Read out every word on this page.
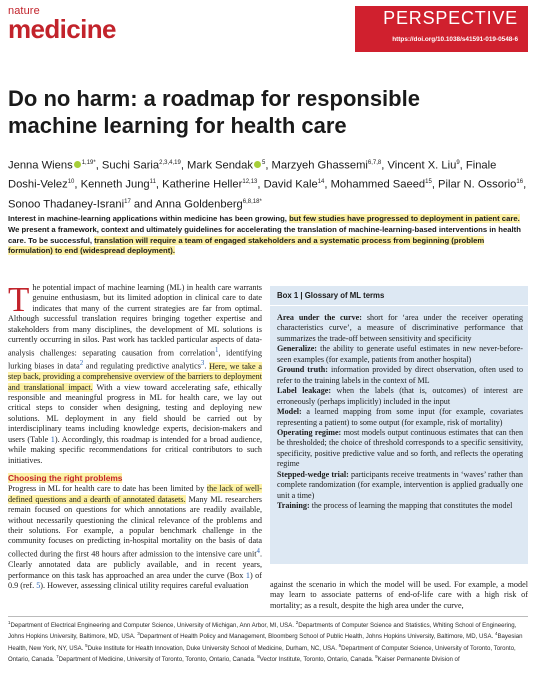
nature
medicine	PERSPECTIVE
https://doi.org/10.1038/s41591-019-0548-6
Do no harm: a roadmap for responsible machine learning for health care
Jenna Wiens $^{1,19*}$, Suchi Saria$^{2,3,4,19}$, Mark Sendak $^5$, Marzyeh Ghassemi$^{6,7,8}$, Vincent X. Liu$^9$, Finale Doshi-Velez$^{10}$, Kenneth Jung$^{11}$, Katherine Heller$^{12,13}$, David Kale$^{14}$, Mohammed Saeed$^{15}$, Pilar N. Ossorio$^{16}$, Sonoo Thadaney-Israni$^{17}$ and Anna Goldenberg$^{6,8,18*}$
Interest in machine-learning applications within medicine has been growing, but few studies have progressed to deployment in patient care. We present a framework, context and ultimately guidelines for accelerating the translation of machine-learning-based interventions in health care. To be successful, translation will require a team of engaged stakeholders and a systematic process from beginning (problem formulation) to end (widespread deployment).

The potential impact of machine learning (ML) in health care warrants genuine enthusiasm, but its limited adoption in clinical care to date indicates that many of the current strategies are far from optimal. Although successful translation requires bringing together expertise and stakeholders from many disciplines, the development of ML solutions is currently occurring in silos. Past work has tackled particular aspects of data-analysis challenges: separating causation from correlation$^1$, identifying lurking biases in data$^2$ and regulating predictive analytics$^3$. Here, we take a step back, providing a comprehensive overview of the barriers to deployment and translational impact. With a view toward accelerating safe, ethically responsible and meaningful progress in ML for health care, we lay out critical steps to consider when designing, testing and deploying new solutions. ML deployment in any field should be carried out by interdisciplinary teams including knowledge experts, decision-makers and users (Table 1). Accordingly, this roadmap is intended for a broad audience, while making specific recommendations for critical contributors to such initiatives.

Choosing the right problems

Progress in ML for health care to date has been limited by the lack of well-defined questions and a dearth of annotated datasets. Many ML researchers remain focused on questions for which annotations are readily available, without necessarily questioning the clinical relevance of the problems and their solutions. For example, a popular benchmark challenge in the community focuses on predicting in-hospital mortality on the basis of data collected during the first 48 hours after admission to the intensive care unit$^4$. Clearly annotated data are publicly available, and in recent years, performance on this task has approached an area under the curve (Box 1) of 0.9 (ref. 5). However, assessing clinical utility requires careful evaluation

Box 1 | Glossary of ML terms

Area under the curve: short for ‘area under the receiver operating characteristics curve’, a measure of discriminative performance that summarizes the trade-off between sensitivity and specificity

Generalize: the ability to generate useful estimates in new never-before-seen examples (for example, patients from another hospital)

Ground truth: information provided by direct observation, often used to refer to the training labels in the context of ML

Label leakage: when the labels (that is, outcomes) of interest are erroneously (perhaps implicitly) included in the input

Model: a learned mapping from some input (for example, covariates representing a patient) to some output (for example, risk of mortality)

Operating regime: most models output continuous estimates that can then be thresholded; the choice of threshold corresponds to a specific sensitivity, specificity, positive predictive value and so forth, and reflects the operating regime

Stepped-wedge trial: participants receive treatments in ‘waves’ rather than complete randomization (for example, intervention is applied gradually one unit a time)

Training: the process of learning the mapping that constitutes the model

against the scenario in which the model will be used. For example, a model may learn to associate patterns of end-of-life care with a high risk of mortality; as a result, despite the high area under the curve,
$^1$Department of Electrical Engineering and Computer Science, University of Michigan, Ann Arbor, MI, USA. $^2$Departments of Computer Science and Statistics, Whiting School of Engineering, Johns Hopkins University, Baltimore, MD, USA. $^3$Department of Health Policy and Management, Bloomberg School of Public Health, Johns Hopkins University, Baltimore, MD, USA. $^4$Bayesian Health, New York, NY, USA. $^5$Duke Institute for Health Innovation, Duke University School of Medicine, Durham, NC, USA. $^6$Department of Computer Science, University of Toronto, Toronto, Ontario, Canada. $^7$Department of Medicine, University of Toronto, Toronto, Ontario, Canada. $^8$Vector Institute, Toronto, Ontario, Canada. $^9$Kaiser Permanente Division of
